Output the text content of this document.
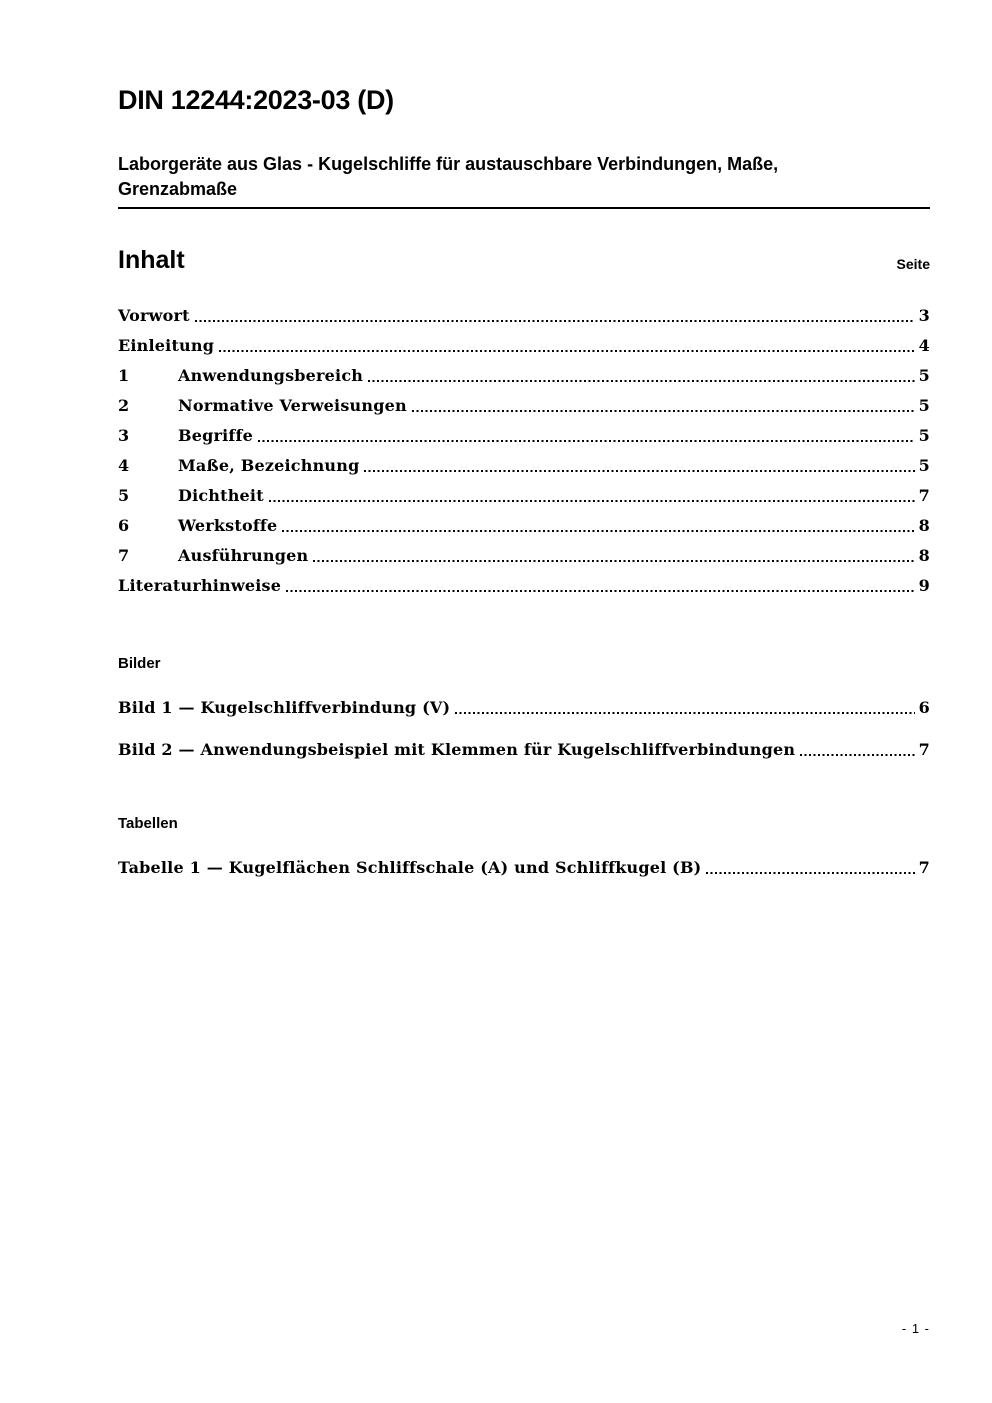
DIN 12244:2023-03 (D)
Laborgeräte aus Glas - Kugelschliffe für austauschbare Verbindungen, Maße,
Grenzabmaße
Inhalt	Seite
Vorwort	3
Einleitung	4
1	Anwendungsbereich	5
2	Normative Verweisungen	5
3	Begriffe	5
4	Maße, Bezeichnung	5
5	Dichtheit	7
6	Werkstoffe	8
7	Ausführungen	8
Literaturhinweise	9
Bilder
Bild 1 — Kugelschliffverbindung (V)	6
Bild 2 — Anwendungsbeispiel mit Klemmen für Kugelschliffverbindungen	7
Tabellen
Tabelle 1 — Kugelflächen Schliffschale (A) und Schliffkugel (B)	7
- 1 -
